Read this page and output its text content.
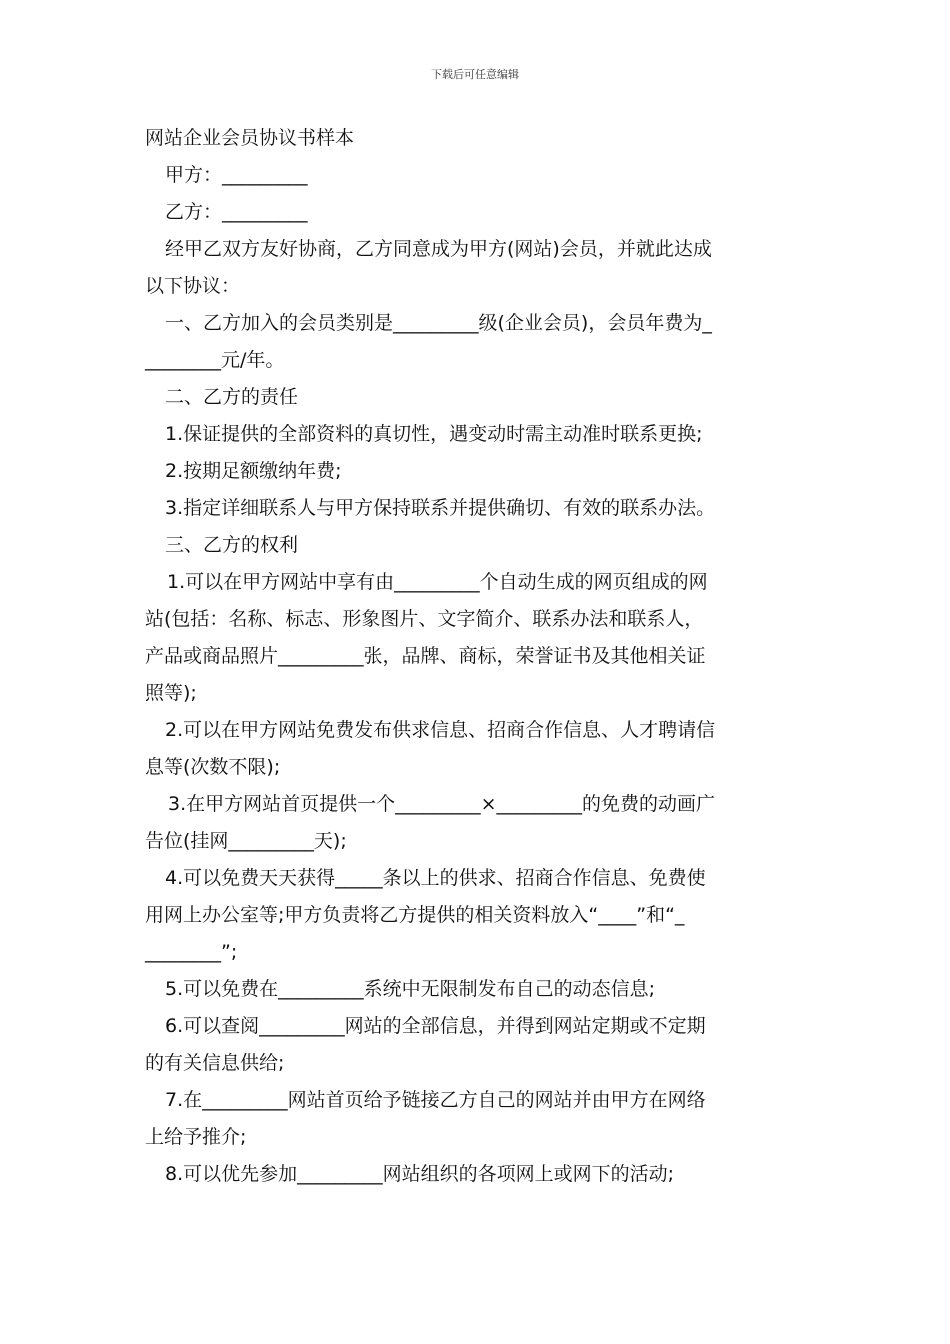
下载后可任意编辑

网站企业会员协议书样本

甲方：_________

乙方：_________

经甲乙双方友好协商，乙方同意成为甲方(网站)会员，并就此达成

以下协议：

一、乙方加入的会员类别是_________级(企业会员)，会员年费为_

________元/年。

二、乙方的责任

1.保证提供的全部资料的真切性，遇变动时需主动准时联系更换;

2.按期足额缴纳年费;

3.指定详细联系人与甲方保持联系并提供确切、有效的联系办法。

三、乙方的权利

1.可以在甲方网站中享有由_________个自动生成的网页组成的网

站(包括：名称、标志、形象图片、文字简介、联系办法和联系人，

产品或商品照片_________张，品牌、商标，荣誉证书及其他相关证

照等);

2.可以在甲方网站免费发布供求信息、招商合作信息、人才聘请信

息等(次数不限);

3.在甲方网站首页提供一个_________×_________的免费的动画广

告位(挂网_________天);

4.可以免费天天获得_____条以上的供求、招商合作信息、免费使

用网上办公室等;甲方负责将乙方提供的相关资料放入“____”和“_

________”;

5.可以免费在_________系统中无限制发布自己的动态信息;

6.可以查阅_________网站的全部信息，并得到网站定期或不定期

的有关信息供给;

7.在_________网站首页给予链接乙方自己的网站并由甲方在网络

上给予推介;

8.可以优先参加_________网站组织的各项网上或网下的活动;
